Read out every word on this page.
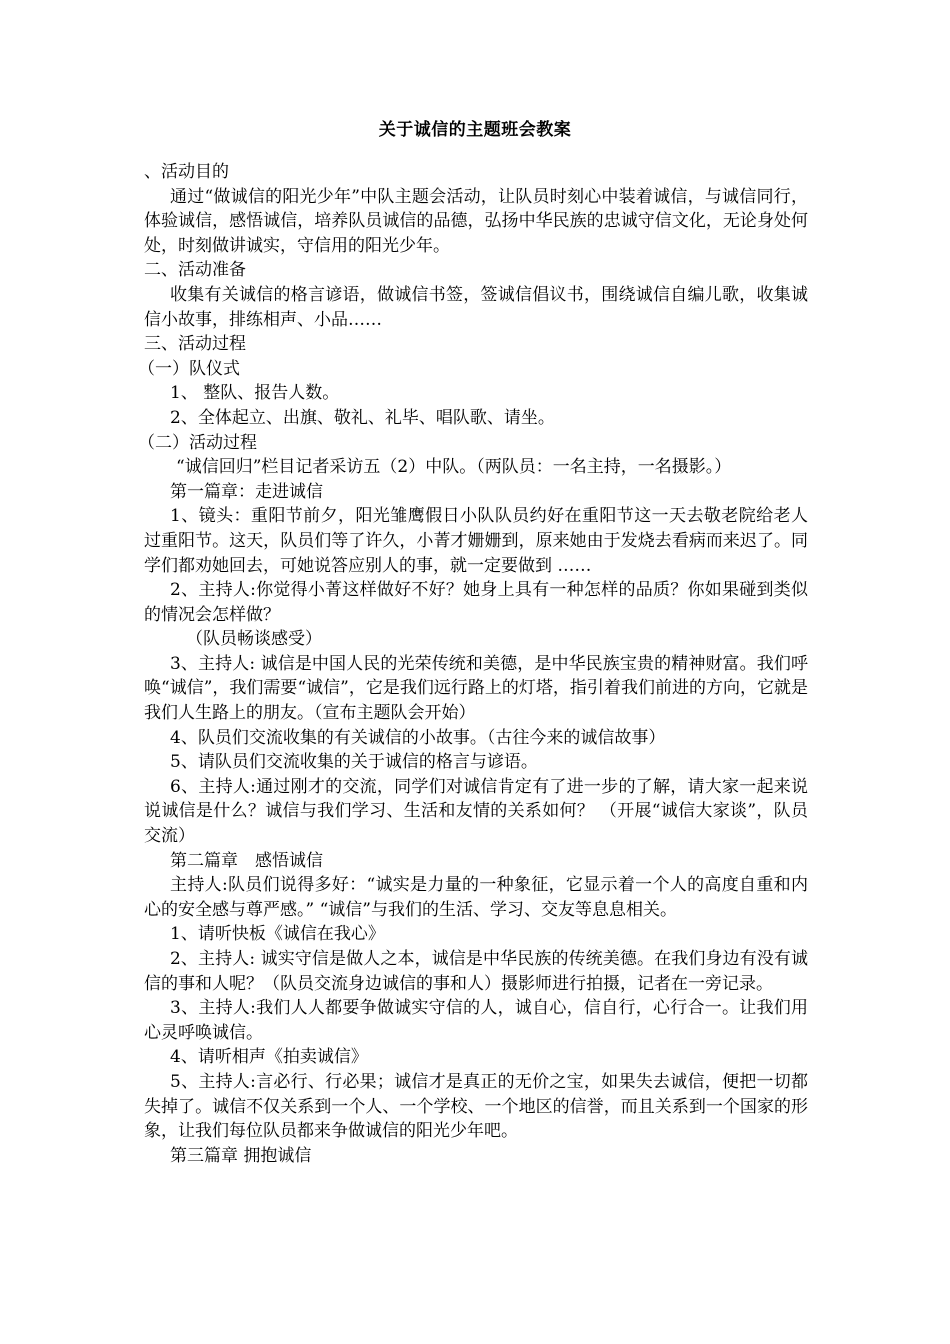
关于诚信的主题班会教案

、活动目的

通过“做诚信的阳光少年”中队主题会活动，让队员时刻心中装着诚信，与诚信同行，体验诚信，感悟诚信，培养队员诚信的品德，弘扬中华民族的忠诚守信文化，无论身处何处，时刻做讲诚实，守信用的阳光少年。

二、活动准备

收集有关诚信的格言谚语，做诚信书签，签诚信倡议书，围绕诚信自编儿歌，收集诚信小故事，排练相声、小品……

三、活动过程

（一）队仪式

1、 整队、报告人数。

2、全体起立、出旗、敬礼、礼毕、唱队歌、请坐。

（二）活动过程

“诚信回归”栏目记者采访五（2）中队。（两队员：一名主持，一名摄影。）

第一篇章：走进诚信

1、镜头：重阳节前夕，阳光雏鹰假日小队队员约好在重阳节这一天去敬老院给老人过重阳节。这天，队员们等了许久，小菁才姗姗到，原来她由于发烧去看病而来迟了。同学们都劝她回去，可她说答应别人的事，就一定要做到 ……

2、主持人:你觉得小菁这样做好不好？她身上具有一种怎样的品质？你如果碰到类似的情况会怎样做？

（队员畅谈感受）

3、主持人: 诚信是中国人民的光荣传统和美德，是中华民族宝贵的精神财富。我们呼唤“诚信”，我们需要“诚信”，它是我们远行路上的灯塔，指引着我们前进的方向，它就是我们人生路上的朋友。（宣布主题队会开始）

4、队员们交流收集的有关诚信的小故事。（古往今来的诚信故事）

5、请队员们交流收集的关于诚信的格言与谚语。

6、主持人:通过刚才的交流，同学们对诚信肯定有了进一步的了解，请大家一起来说说诚信是什么？诚信与我们学习、生活和友情的关系如何？ （开展“诚信大家谈”，队员交流）

第二篇章　感悟诚信

主持人:队员们说得多好：“诚实是力量的一种象征，它显示着一个人的高度自重和内心的安全感与尊严感。” “诚信”与我们的生活、学习、交友等息息相关。

1、请听快板《诚信在我心》

2、主持人: 诚实守信是做人之本，诚信是中华民族的传统美德。在我们身边有没有诚信的事和人呢？（队员交流身边诚信的事和人）摄影师进行拍摄，记者在一旁记录。

3、主持人:我们人人都要争做诚实守信的人，诚自心，信自行，心行合一。让我们用心灵呼唤诚信。

4、请听相声《拍卖诚信》

5、主持人:言必行、行必果；诚信才是真正的无价之宝，如果失去诚信，便把一切都失掉了。诚信不仅关系到一个人、一个学校、一个地区的信誉，而且关系到一个国家的形象，让我们每位队员都来争做诚信的阳光少年吧。

第三篇章 拥抱诚信
